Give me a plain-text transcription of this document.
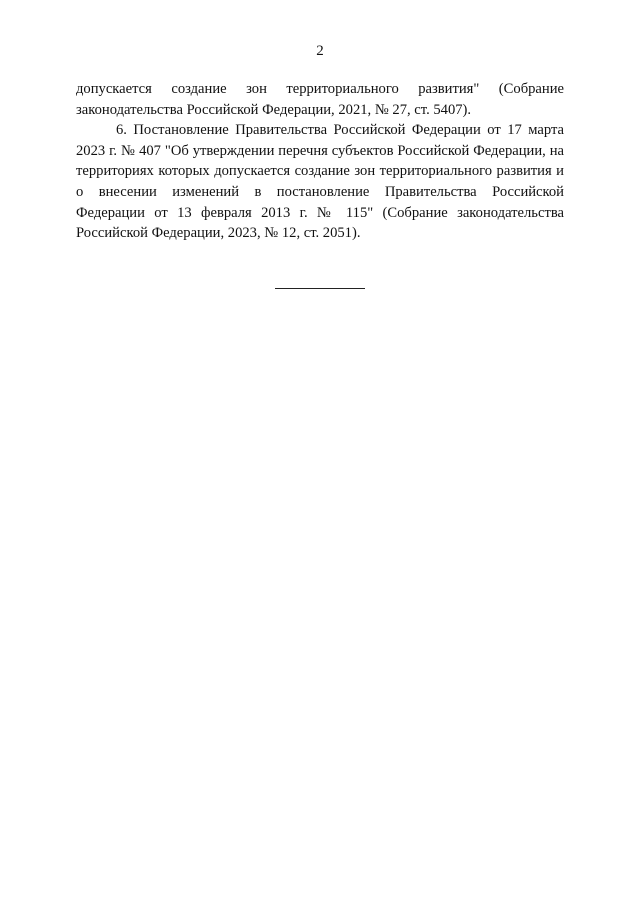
2

допускается создание зон территориального развития" (Собрание законодательства Российской Федерации, 2021, № 27, ст. 5407).

6. Постановление Правительства Российской Федерации от 17 марта 2023 г. № 407 "Об утверждении перечня субъектов Российской Федерации, на территориях которых допускается создание зон территориального развития и о внесении изменений в постановление Правительства Российской Федерации от 13 февраля 2013 г. № 115" (Собрание законодательства Российской Федерации, 2023, № 12, ст. 2051).
